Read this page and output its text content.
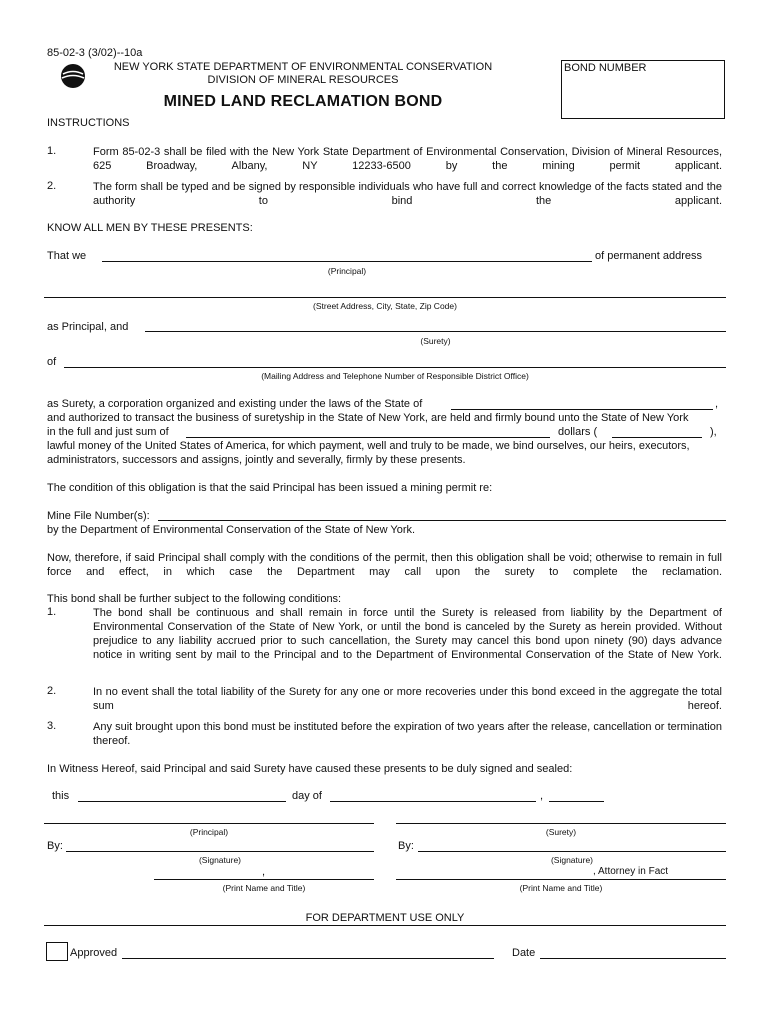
85-02-3 (3/02)--10a
NEW YORK STATE DEPARTMENT OF ENVIRONMENTAL CONSERVATION
DIVISION OF MINERAL RESOURCES
MINED LAND RECLAMATION BOND
BOND NUMBER
INSTRUCTIONS
1.	Form 85-02-3 shall be filed with the New York State Department of Environmental Conservation, Division of Mineral Resources, 625 Broadway, Albany, NY 12233-6500 by the mining permit applicant.
2.	The form shall be typed and be signed by responsible individuals who have full and correct knowledge of the facts stated and the authority to bind the applicant.
KNOW ALL MEN BY THESE PRESENTS:
That we	of permanent address
(Principal)
(Street Address, City, State, Zip Code)
as Principal, and
(Surety)
of
(Mailing Address and Telephone Number of Responsible District Office)
as Surety, a corporation organized and existing under the laws of the State of	,
and authorized to transact the business of suretyship in the State of New York, are held and firmly bound unto the State of New York
in the full and just sum of	dollars (	),
lawful money of the United States of America, for which payment, well and truly to be made, we bind ourselves, our heirs, executors,
administrators, successors and assigns, jointly and severally, firmly by these presents.
The condition of this obligation is that the said Principal has been issued a mining permit re:
Mine File Number(s):
by the Department of Environmental Conservation of the State of New York.
Now, therefore, if said Principal shall comply with the conditions of the permit, then this obligation shall be void; otherwise to remain in full force and effect, in which case the Department may call upon the surety to complete the reclamation.
This bond shall be further subject to the following conditions:
1.	The bond shall be continuous and shall remain in force until the Surety is released from liability by the Department of Environmental Conservation of the State of New York, or until the bond is canceled by the Surety as herein provided. Without prejudice to any liability accrued prior to such cancellation, the Surety may cancel this bond upon ninety (90) days advance notice in writing sent by mail to the Principal and to the Department of Environmental Conservation of the State of New York.
2.	In no event shall the total liability of the Surety for any one or more recoveries under this bond exceed in the aggregate the total sum hereof.
3.	Any suit brought upon this bond must be instituted before the expiration of two years after the release, cancellation or termination thereof.
In Witness Hereof, said Principal and said Surety have caused these presents to be duly signed and sealed:
this	day of	,
(Principal)	(Surety)
By:
(Signature)
By:
(Signature)
,
(Print Name and Title)
, Attorney in Fact
(Print Name and Title)
FOR DEPARTMENT USE ONLY
Approved	Date
